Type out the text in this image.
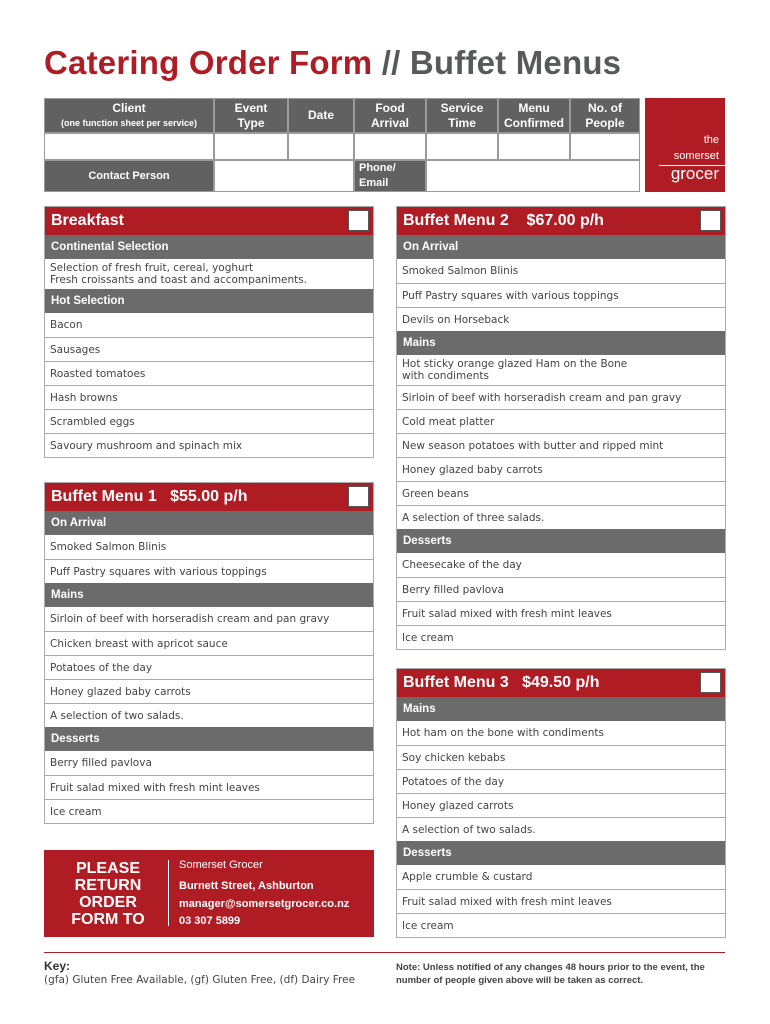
Catering Order Form // Buffet Menus
Client
(one function sheet per service)
Event Type
Date
Food Arrival
Service Time
Menu Confirmed
No. of People
Contact Person
Phone/ Email
the
somerset
grocer
Breakfast
Continental Selection
Selection of fresh fruit, cereal, yoghurt
Fresh croissants and toast and accompaniments.
Hot Selection
Bacon
Sausages
Roasted tomatoes
Hash browns
Scrambled eggs
Savoury mushroom and spinach mix
Buffet Menu 1   $55.00 p/h
On Arrival
Smoked Salmon Blinis
Puff Pastry squares with various toppings
Mains
Sirloin of beef with horseradish cream and pan gravy
Chicken breast with apricot sauce
Potatoes of the day
Honey glazed baby carrots
A selection of two salads.
Desserts
Berry filled pavlova
Fruit salad mixed with fresh mint leaves
Ice cream
Buffet Menu 2    $67.00 p/h
On Arrival
Smoked Salmon Blinis
Puff Pastry squares with various toppings
Devils on Horseback
Mains
Hot sticky orange glazed Ham on the Bone
with condiments
Sirloin of beef with horseradish cream and pan gravy
Cold meat platter
New season potatoes with butter and ripped mint
Honey glazed baby carrots
Green beans
A selection of three salads.
Desserts
Cheesecake of the day
Berry filled pavlova
Fruit salad mixed with fresh mint leaves
Ice cream
Buffet Menu 3   $49.50 p/h
Mains
Hot ham on the bone with condiments
Soy chicken kebabs
Potatoes of the day
Honey glazed carrots
A selection of two salads.
Desserts
Apple crumble & custard
Fruit salad mixed with fresh mint leaves
Ice cream
PLEASE
RETURN
ORDER
FORM TO
Somerset Grocer
Burnett Street, Ashburton
manager@somersetgrocer.co.nz
03 307 5899
Key:
(gfa) Gluten Free Available, (gf) Gluten Free, (df) Dairy Free
Note: Unless notified of any changes 48 hours prior to the event, the number of people given above will be taken as correct.
